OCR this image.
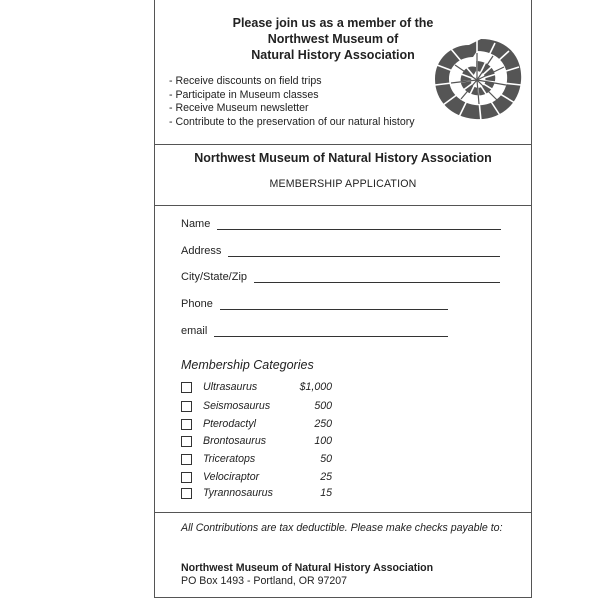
Please join us as a member of the
Northwest Museum of
Natural History Association
- Receive discounts on field trips
- Participate in Museum classes
- Receive Museum newsletter
- Contribute to the preservation of our natural history
Northwest Museum of Natural History Association
MEMBERSHIP APPLICATION
Name
Address
City/State/Zip
Phone
email
Membership Categories
Ultrasaurus	$1,000
Seismosaurus	500
Pterodactyl	250
Brontosaurus	100
Triceratops	50
Velociraptor	25
Tyrannosaurus	15
All Contributions are tax deductible. Please make checks payable to:
Northwest Museum of Natural History Association
PO Box 1493 - Portland, OR 97207
